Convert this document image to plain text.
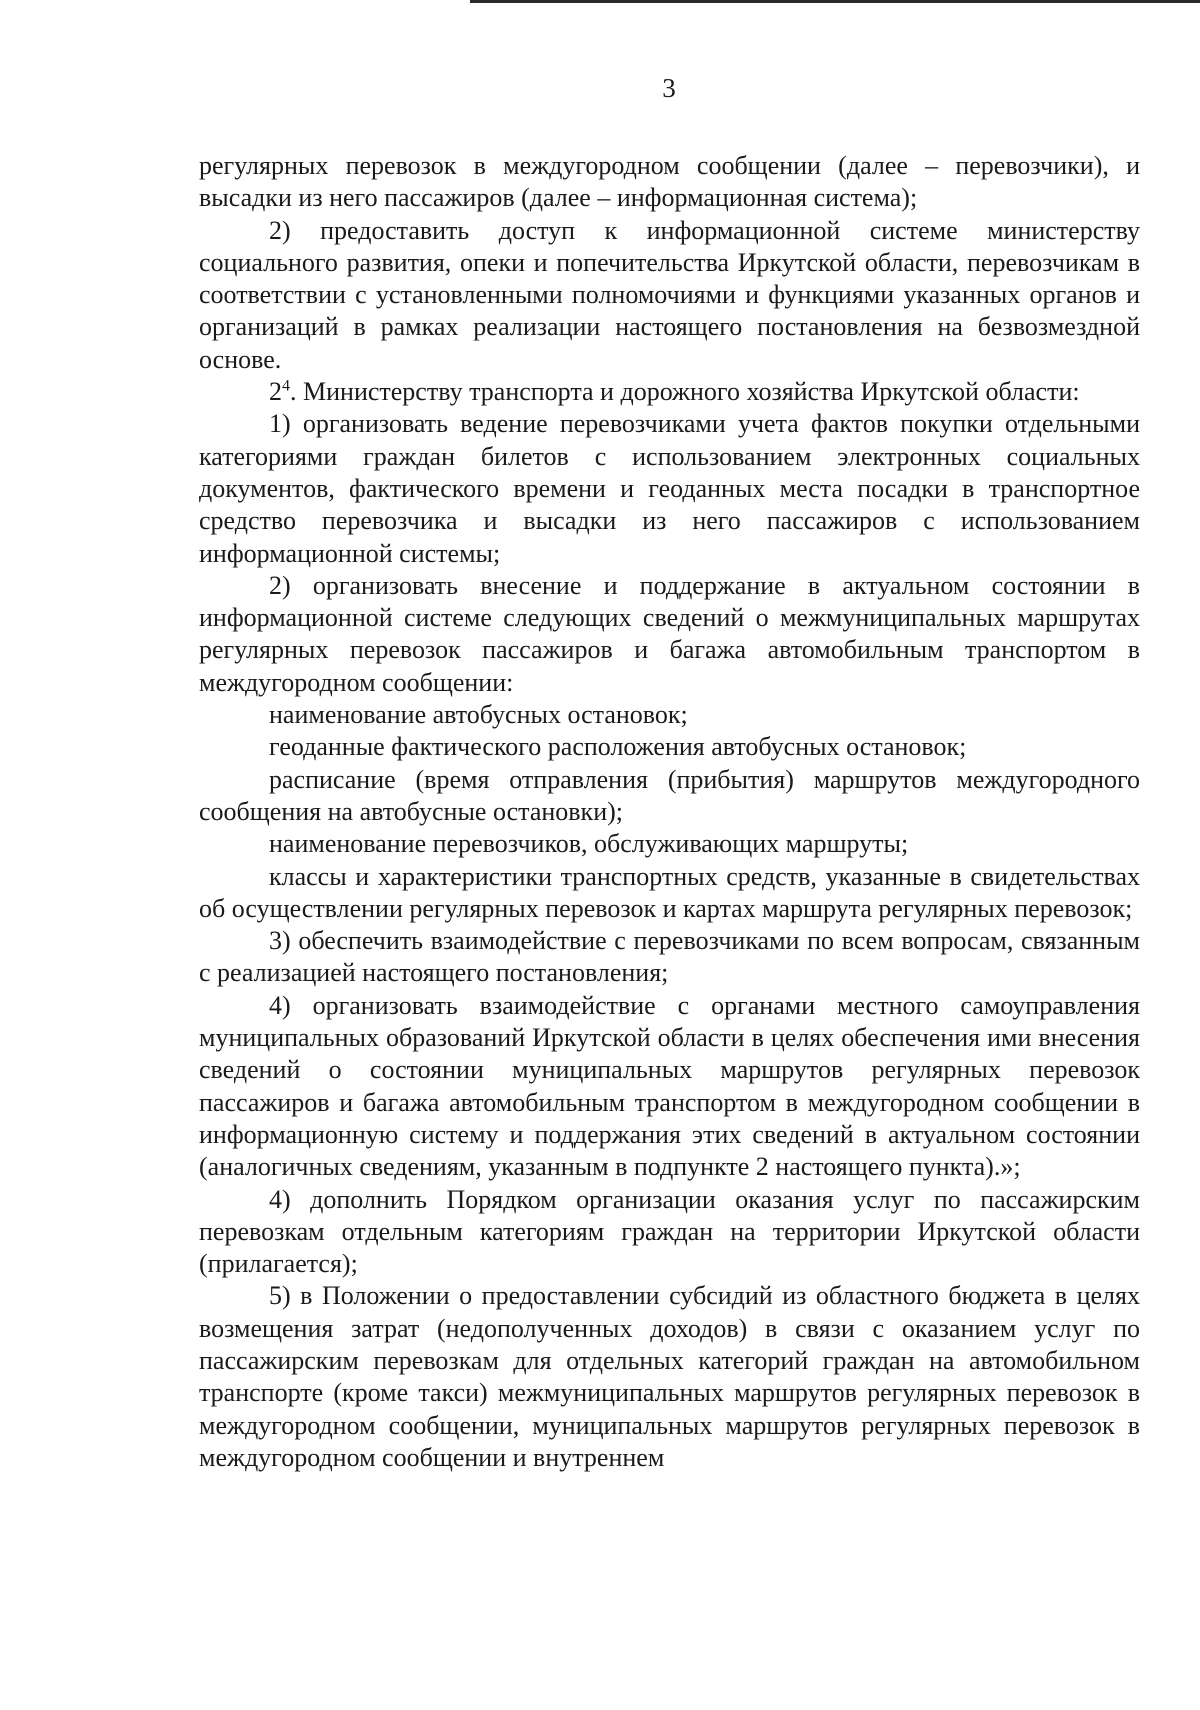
3

регулярных перевозок в междугородном сообщении (далее – перевозчики), и высадки из него пассажиров (далее – информационная система);

2) предоставить доступ к информационной системе министерству социального развития, опеки и попечительства Иркутской области, перевозчикам в соответствии с установленными полномочиями и функциями указанных органов и организаций в рамках реализации настоящего постановления на безвозмездной основе.

$2^4$. Министерству транспорта и дорожного хозяйства Иркутской области:

1) организовать ведение перевозчиками учета фактов покупки отдельными категориями граждан билетов с использованием электронных социальных документов, фактического времени и геоданных места посадки в транспортное средство перевозчика и высадки из него пассажиров с использованием информационной системы;

2) организовать внесение и поддержание в актуальном состоянии в информационной системе следующих сведений о межмуниципальных маршрутах регулярных перевозок пассажиров и багажа автомобильным транспортом в междугородном сообщении:

наименование автобусных остановок;

геоданные фактического расположения автобусных остановок;

расписание (время отправления (прибытия) маршрутов междугородного сообщения на автобусные остановки);

наименование перевозчиков, обслуживающих маршруты;

классы и характеристики транспортных средств, указанные в свидетельствах об осуществлении регулярных перевозок и картах маршрута регулярных перевозок;

3) обеспечить взаимодействие с перевозчиками по всем вопросам, связанным с реализацией настоящего постановления;

4) организовать взаимодействие с органами местного самоуправления муниципальных образований Иркутской области в целях обеспечения ими внесения сведений о состоянии муниципальных маршрутов регулярных перевозок пассажиров и багажа автомобильным транспортом в междугородном сообщении в информационную систему и поддержания этих сведений в актуальном состоянии (аналогичных сведениям, указанным в подпункте 2 настоящего пункта).»;

4) дополнить Порядком организации оказания услуг по пассажирским перевозкам отдельным категориям граждан на территории Иркутской области (прилагается);

5) в Положении о предоставлении субсидий из областного бюджета в целях возмещения затрат (недополученных доходов) в связи с оказанием услуг по пассажирским перевозкам для отдельных категорий граждан на автомобильном транспорте (кроме такси) межмуниципальных маршрутов регулярных перевозок в междугородном сообщении, муниципальных маршрутов регулярных перевозок в междугородном сообщении и внутреннем
